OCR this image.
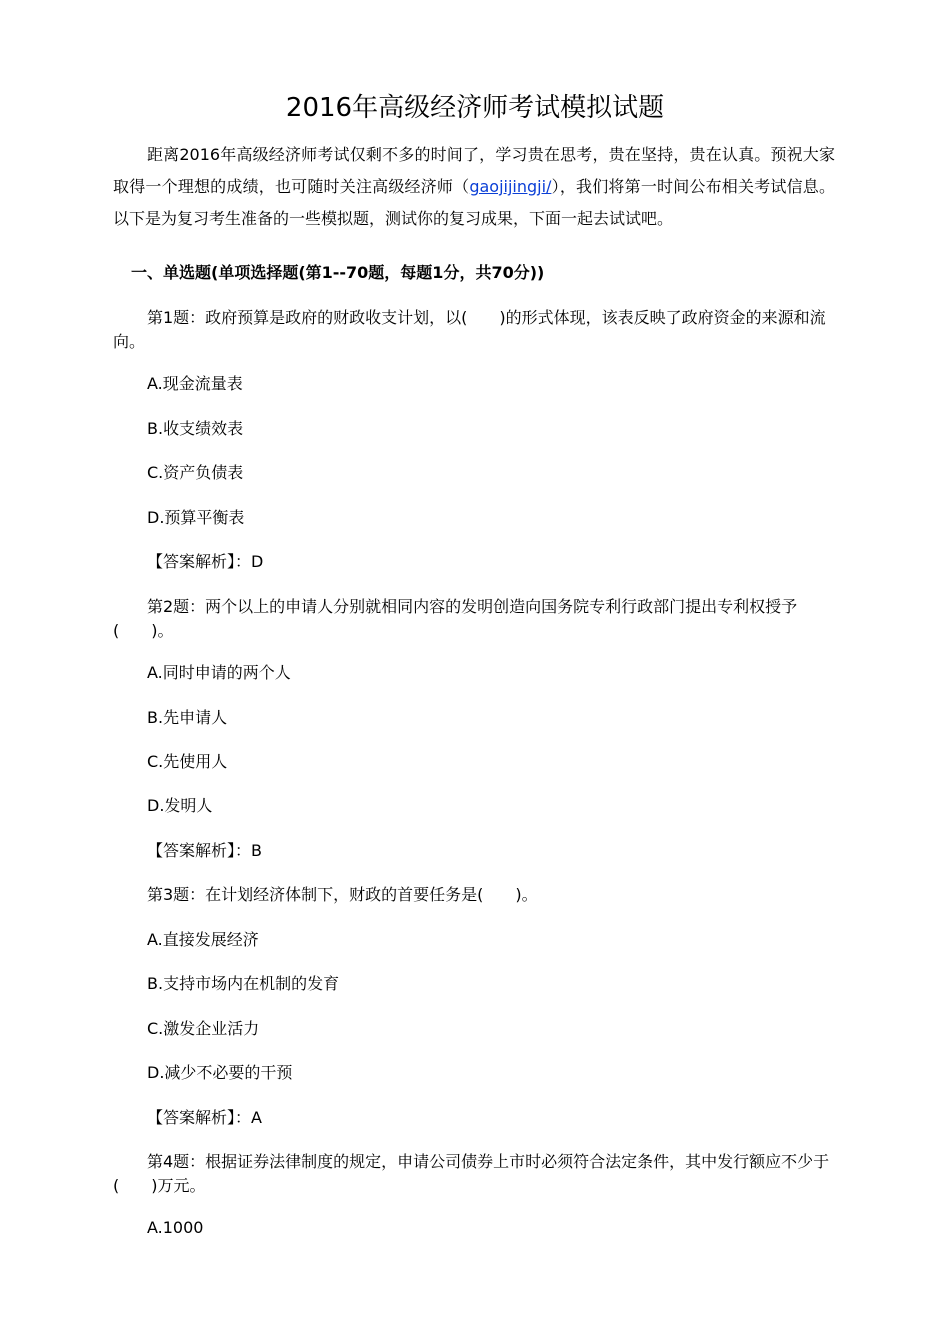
2016年高级经济师考试模拟试题
距离2016年高级经济师考试仅剩不多的时间了，学习贵在思考，贵在坚持，贵在认真。预祝大家取得一个理想的成绩，也可随时关注高级经济师（gaojijingji/），我们将第一时间公布相关考试信息。以下是为复习考生准备的一些模拟题，测试你的复习成果，下面一起去试试吧。
一、单选题(单项选择题(第1--70题，每题1分，共70分))
第1题：政府预算是政府的财政收支计划，以(　　)的形式体现，该表反映了政府资金的来源和流向。
A.现金流量表
B.收支绩效表
C.资产负债表
D.预算平衡表
【答案解析】：D
第2题：两个以上的申请人分别就相同内容的发明创造向国务院专利行政部门提出专利权授予(　　)。
A.同时申请的两个人
B.先申请人
C.先使用人
D.发明人
【答案解析】：B
第3题：在计划经济体制下，财政的首要任务是(　　)。
A.直接发展经济
B.支持市场内在机制的发育
C.激发企业活力
D.减少不必要的干预
【答案解析】：A
第4题：根据证券法律制度的规定，申请公司债券上市时必须符合法定条件，其中发行额应不少于(　　)万元。
A.1000
